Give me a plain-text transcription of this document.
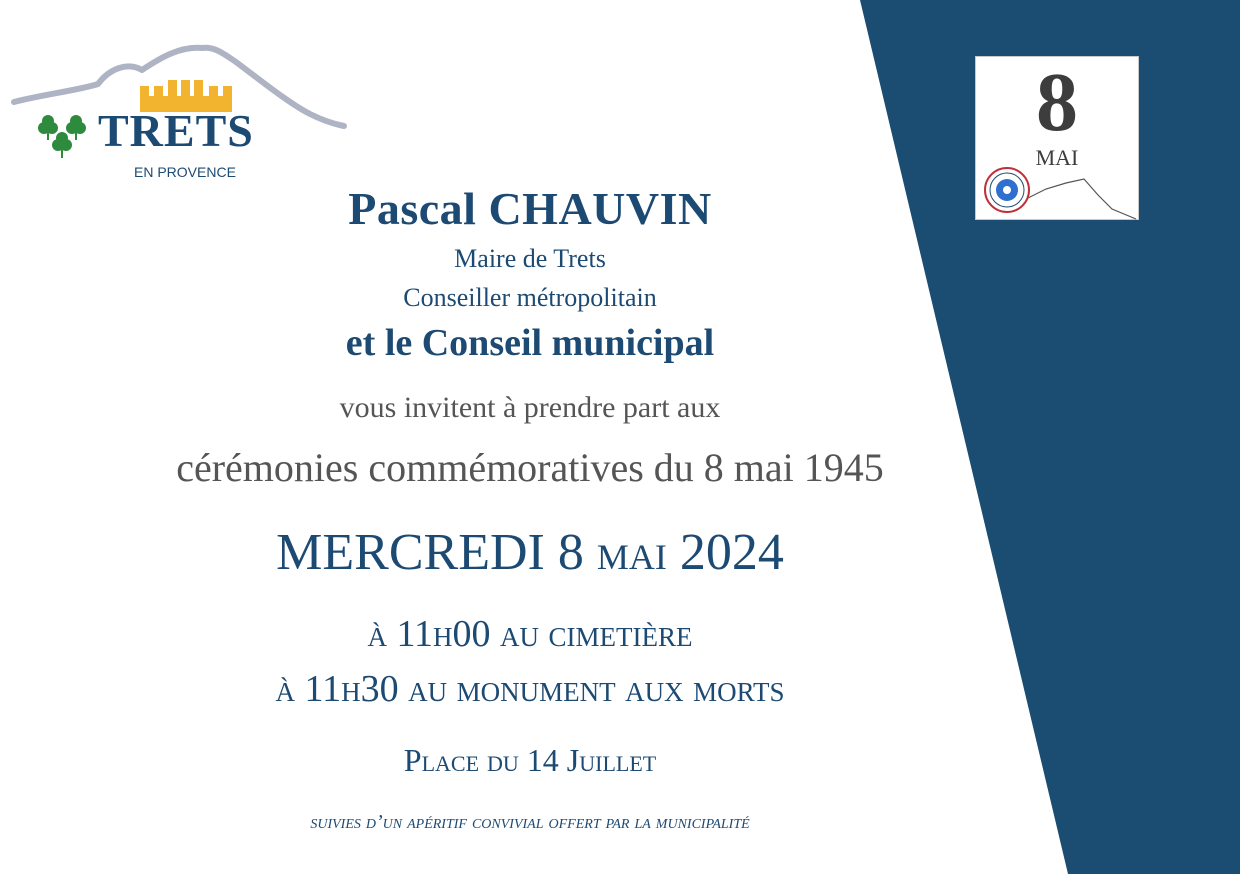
TRETS
EN PROVENCE
8
MAI
Pascal CHAUVIN
Maire de Trets
Conseiller métropolitain
et le Conseil municipal
vous invitent à prendre part aux
cérémonies commémoratives du 8 mai 1945
MERCREDI 8 mai 2024
à 11h00 au cimetière
à 11h30 au monument aux morts
Place du 14 Juillet
suivies d’un apéritif convivial offert par la municipalité
